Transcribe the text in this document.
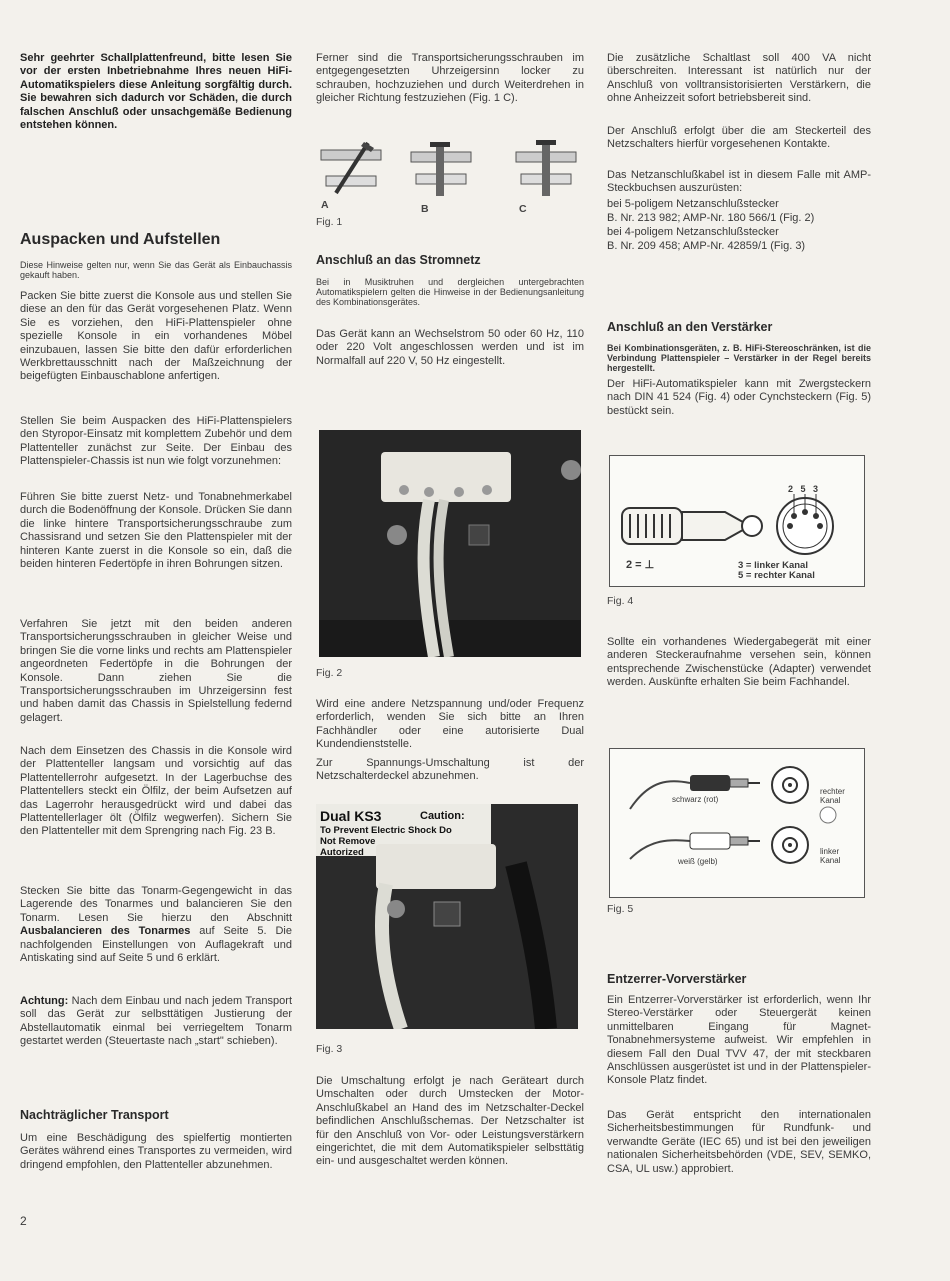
Sehr geehrter Schallplattenfreund, bitte lesen Sie vor der ersten Inbetriebnahme Ihres neuen HiFi-Automatikspielers diese Anleitung sorgfältig durch. Sie bewahren sich dadurch vor Schäden, die durch falschen Anschluß oder unsachgemäße Bedienung entstehen können.

Auspacken und Aufstellen

Diese Hinweise gelten nur, wenn Sie das Gerät als Einbauchassis gekauft haben.

Packen Sie bitte zuerst die Konsole aus und stellen Sie diese an den für das Gerät vorgesehenen Platz. Wenn Sie es vorziehen, den HiFi-Plattenspieler ohne spezielle Konsole in ein vorhandenes Möbel einzubauen, lassen Sie bitte den dafür erforderlichen Werkbrettausschnitt nach der Maßzeichnung der beigefügten Einbauschablone anfertigen.

Stellen Sie beim Auspacken des HiFi-Plattenspielers den Styropor-Einsatz mit komplettem Zubehör und dem Plattenteller zunächst zur Seite. Der Einbau des Plattenspieler-Chassis ist nun wie folgt vorzunehmen:

Führen Sie bitte zuerst Netz- und Tonabnehmerkabel durch die Bodenöffnung der Konsole. Drücken Sie dann die linke hintere Transportsicherungsschraube zum Chassisrand und setzen Sie den Plattenspieler mit der hinteren Kante zuerst in die Konsole so ein, daß die beiden hinteren Federtöpfe in ihren Bohrungen sitzen.

Verfahren Sie jetzt mit den beiden anderen Transportsicherungsschrauben in gleicher Weise und bringen Sie die vorne links und rechts am Plattenspieler angeordneten Federtöpfe in die Bohrungen der Konsole. Dann ziehen Sie die Transportsicherungsschrauben im Uhrzeigersinn fest und haben damit das Chassis in Spielstellung federnd gelagert.

Nach dem Einsetzen des Chassis in die Konsole wird der Plattenteller langsam und vorsichtig auf das Plattentellerrohr aufgesetzt. In der Lagerbuchse des Plattentellers steckt ein Ölfilz, der beim Aufsetzen auf das Lagerrohr herausgedrückt wird und dabei das Plattentellerlager ölt (Ölfilz wegwerfen). Sichern Sie den Plattenteller mit dem Sprengring nach Fig. 23 B.

Stecken Sie bitte das Tonarm-Gegengewicht in das Lagerende des Tonarmes und balancieren Sie den Tonarm. Lesen Sie hierzu den Abschnitt Ausbalancieren des Tonarmes auf Seite 5. Die nachfolgenden Einstellungen von Auflagekraft und Antiskating sind auf Seite 5 und 6 erklärt.

Achtung: Nach dem Einbau und nach jedem Transport soll das Gerät zur selbsttätigen Justierung der Abstellautomatik einmal bei verriegeltem Tonarm gestartet werden (Steuertaste nach „start" schieben).

Nachträglicher Transport

Um eine Beschädigung des spielfertig montierten Gerätes während eines Transportes zu vermeiden, wird dringend empfohlen, den Plattenteller abzunehmen.

Ferner sind die Transportsicherungsschrauben im entgegengesetzten Uhrzeigersinn locker zu schrauben, hochzuziehen und durch Weiterdrehen in gleicher Richtung festzuziehen (Fig. 1 C).

A	B	C
Fig. 1
Anschluß an das Stromnetz

Bei in Musiktruhen und dergleichen untergebrachten Automatikspielern gelten die Hinweise in der Bedienungsanleitung des Kombinationsgerätes.

Das Gerät kann an Wechselstrom 50 oder 60 Hz, 110 oder 220 Volt angeschlossen werden und ist im Normalfall auf 220 V, 50 Hz eingestellt.

Fig. 2

Wird eine andere Netzspannung und/oder Frequenz erforderlich, wenden Sie sich bitte an Ihren Fachhändler oder eine autorisierte Dual Kundendienststelle.

Zur Spannungs-Umschaltung ist der Netzschalterdeckel abzunehmen.

Dual KS3	Caution:
To Prevent Electric Shock Do
Not Remove
Autorized
Fig. 3

Die Umschaltung erfolgt je nach Geräteart durch Umschalten oder durch Umstecken der Motor-Anschlußkabel an Hand des im Netzschalter-Deckel befindlichen Anschlußschemas. Der Netzschalter ist für den Anschluß von Vor- oder Leistungsverstärkern eingerichtet, die mit dem Automatikspieler selbsttätig ein- und ausgeschaltet werden können.

Die zusätzliche Schaltlast soll 400 VA nicht überschreiten. Interessant ist natürlich nur der Anschluß von volltransistorisierten Verstärkern, die ohne Anheizzeit sofort betriebsbereit sind.

Der Anschluß erfolgt über die am Steckerteil des Netzschalters hierfür vorgesehenen Kontakte.

Das Netzanschlußkabel ist in diesem Falle mit AMP-Steckbuchsen auszurüsten:

bei 5-poligem Netzanschlußstecker

B. Nr. 213 982; AMP-Nr. 180 566/1 (Fig. 2)

bei 4-poligem Netzanschlußstecker

B. Nr. 209 458; AMP-Nr. 42859/1 (Fig. 3)

Anschluß an den Verstärker

Bei Kombinationsgeräten, z. B. HiFi-Stereoschränken, ist die Verbindung Plattenspieler – Verstärker in der Regel bereits hergestellt.

Der HiFi-Automatikspieler kann mit Zwergsteckern nach DIN 41 524 (Fig. 4) oder Cynchsteckern (Fig. 5) bestückt sein.

2   5   3
2 = ⊥	3 = linker Kanal
5 = rechter Kanal
Fig. 4

Sollte ein vorhandenes Wiedergabegerät mit einer anderen Steckeraufnahme versehen sein, können entsprechende Zwischenstücke (Adapter) verwendet werden. Auskünfte erhalten Sie beim Fachhandel.

schwarz (rot)
weiß (gelb)
rechter Kanal
linker Kanal
Fig. 5
Entzerrer-Vorverstärker

Ein Entzerrer-Vorverstärker ist erforderlich, wenn Ihr Stereo-Verstärker oder Steuergerät keinen unmittelbaren Eingang für Magnet-Tonabnehmersysteme aufweist. Wir empfehlen in diesem Fall den Dual TVV 47, der mit steckbaren Anschlüssen ausgerüstet ist und in der Plattenspieler-Konsole Platz findet.

Das Gerät entspricht den internationalen Sicherheitsbestimmungen für Rundfunk- und verwandte Geräte (IEC 65) und ist bei den jeweiligen nationalen Sicherheitsbehörden (VDE, SEV, SEMKO, CSA, UL usw.) approbiert.

2
